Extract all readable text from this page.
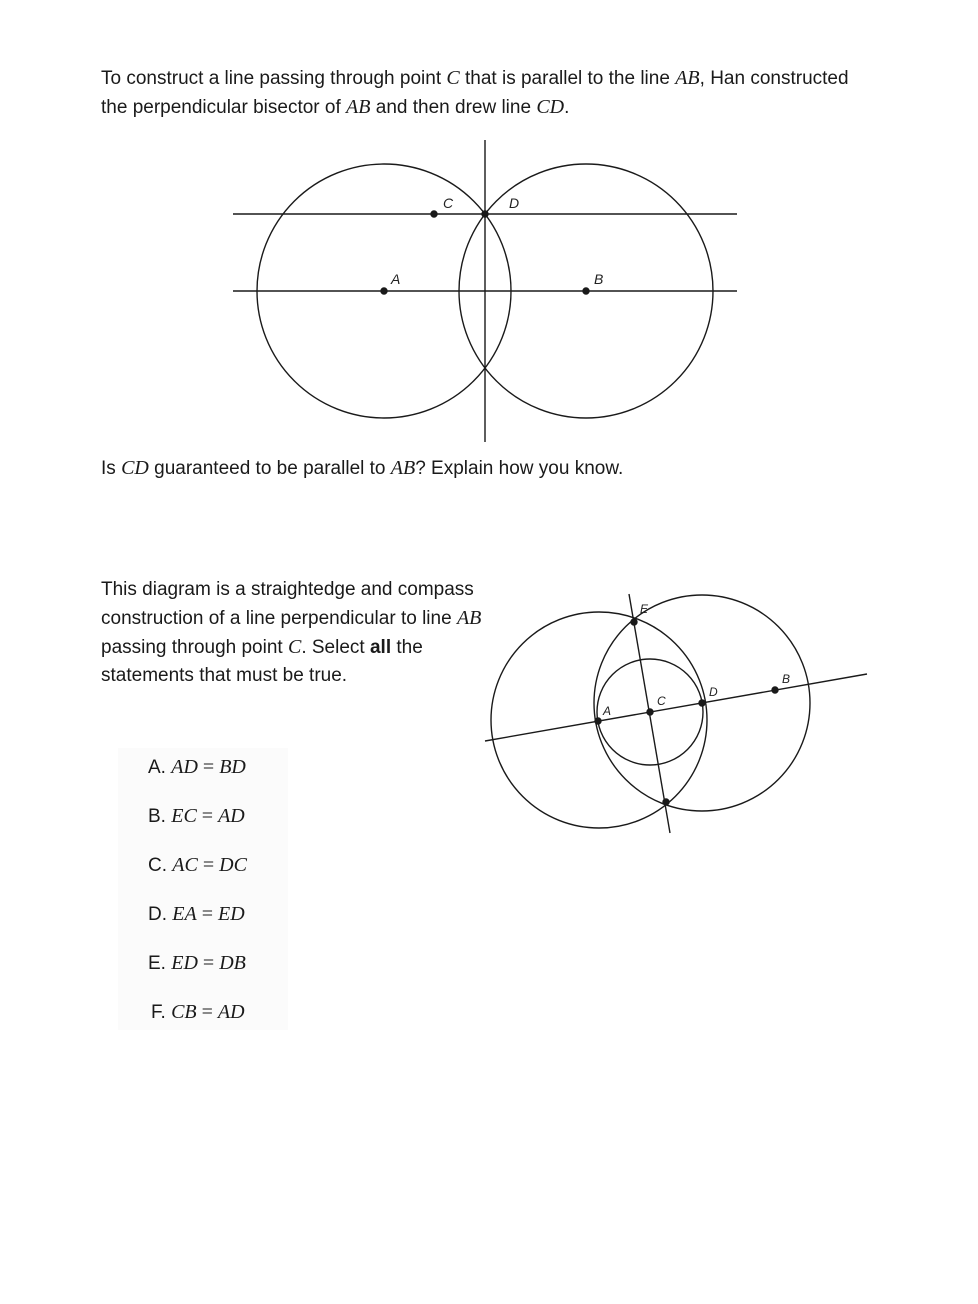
To construct a line passing through point C that is parallel to the line AB, Han constructed the perpendicular bisector of AB and then drew line CD.

A	B
C	D
A
C
D
B
E

Is CD guaranteed to be parallel to AB? Explain how you know.

This diagram is a straightedge and compass construction of a line perpendicular to line AB passing through point C. Select all the statements that must be true.

A. AD = BD
B. EC = AD
C. AC = DC
D. EA = ED
E. ED = DB
F. CB = AD
